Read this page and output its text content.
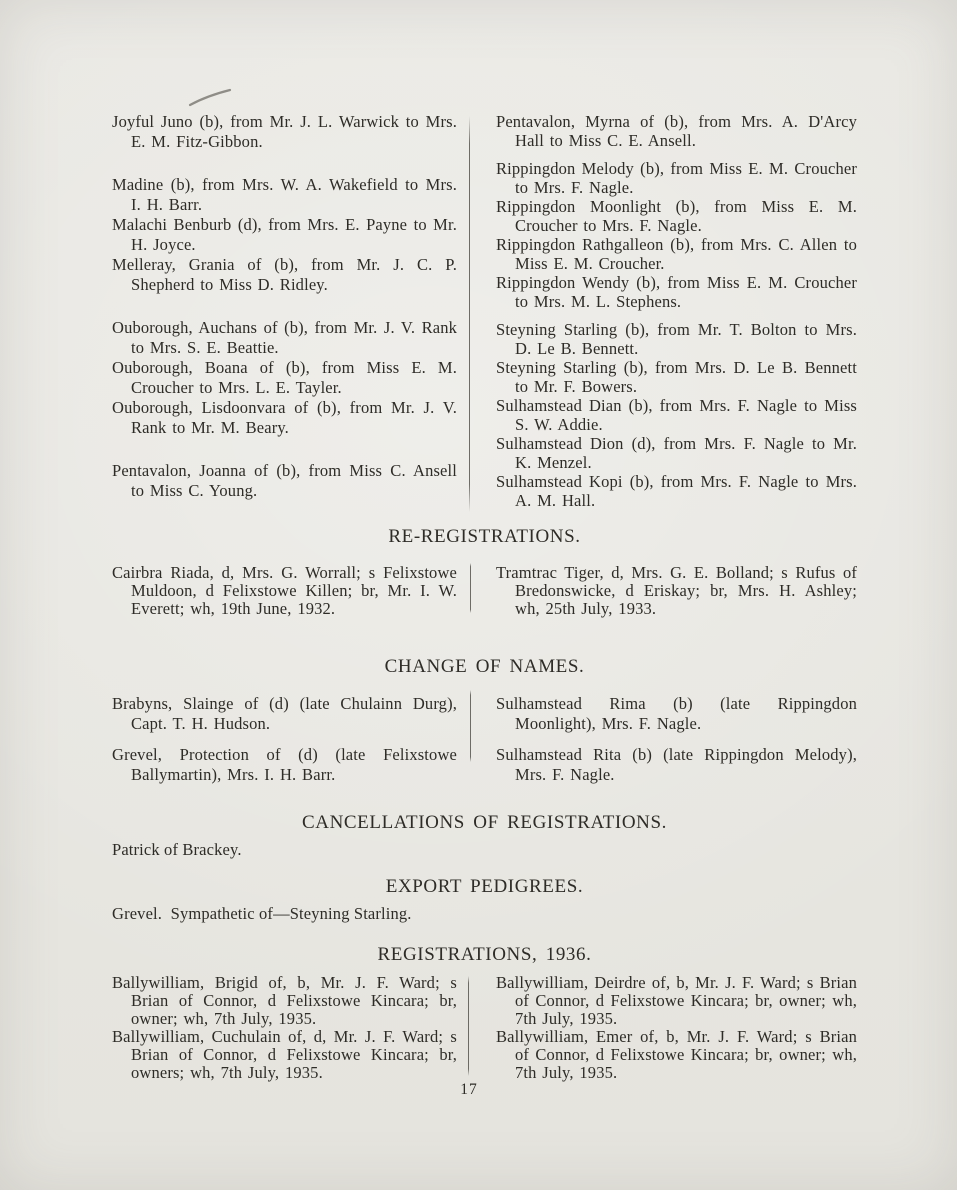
Joyful Juno (b), from Mr. J. L. Warwick to Mrs. E. M. Fitz-Gibbon.

Madine (b), from Mrs. W. A. Wakefield to Mrs. I. H. Barr.

Malachi Benburb (d), from Mrs. E. Payne to Mr. H. Joyce.

Melleray, Grania of (b), from Mr. J. C. P. Shepherd to Miss D. Ridley.

Ouborough, Auchans of (b), from Mr. J. V. Rank to Mrs. S. E. Beattie.

Ouborough, Boana of (b), from Miss E. M. Croucher to Mrs. L. E. Tayler.

Ouborough, Lisdoonvara of (b), from Mr. J. V. Rank to Mr. M. Beary.

Pentavalon, Joanna of (b), from Miss C. Ansell to Miss C. Young.

Pentavalon, Myrna of (b), from Mrs. A. D'Arcy Hall to Miss C. E. Ansell.

Rippingdon Melody (b), from Miss E. M. Croucher to Mrs. F. Nagle.

Rippingdon Moonlight (b), from Miss E. M. Croucher to Mrs. F. Nagle.

Rippingdon Rathgalleon (b), from Mrs. C. Allen to Miss E. M. Croucher.

Rippingdon Wendy (b), from Miss E. M. Croucher to Mrs. M. L. Stephens.

Steyning Starling (b), from Mr. T. Bolton to Mrs. D. Le B. Bennett.

Steyning Starling (b), from Mrs. D. Le B. Bennett to Mr. F. Bowers.

Sulhamstead Dian (b), from Mrs. F. Nagle to Miss S. W. Addie.

Sulhamstead Dion (d), from Mrs. F. Nagle to Mr. K. Menzel.

Sulhamstead Kopi (b), from Mrs. F. Nagle to Mrs. A. M. Hall.

RE-REGISTRATIONS.

Cairbra Riada, d, Mrs. G. Worrall; s Felixstowe Muldoon, d Felixstowe Killen; br, Mr. I. W. Everett; wh, 19th June, 1932.

Tramtrac Tiger, d, Mrs. G. E. Bolland; s Rufus of Bredonswicke, d Eriskay; br, Mrs. H. Ashley; wh, 25th July, 1933.

CHANGE OF NAMES.

Brabyns, Slainge of (d) (late Chulainn Durg), Capt. T. H. Hudson.

Grevel, Protection of (d) (late Felixstowe Ballymartin), Mrs. I. H. Barr.

Sulhamstead Rima (b) (late Rippingdon Moonlight), Mrs. F. Nagle.

Sulhamstead Rita (b) (late Rippingdon Melody), Mrs. F. Nagle.

CANCELLATIONS OF REGISTRATIONS.

Patrick of Brackey.

EXPORT PEDIGREES.

Grevel.  Sympathetic of—Steyning Starling.

REGISTRATIONS, 1936.

Ballywilliam, Brigid of, b, Mr. J. F. Ward; s Brian of Connor, d Felixstowe Kincara; br, owner; wh, 7th July, 1935.

Ballywilliam, Cuchulain of, d, Mr. J. F. Ward; s Brian of Connor, d Felixstowe Kincara; br, owners; wh, 7th July, 1935.

Ballywilliam, Deirdre of, b, Mr. J. F. Ward; s Brian of Connor, d Felixstowe Kincara; br, owner; wh, 7th July, 1935.

Ballywilliam, Emer of, b, Mr. J. F. Ward; s Brian of Connor, d Felixstowe Kincara; br, owner; wh, 7th July, 1935.

17
